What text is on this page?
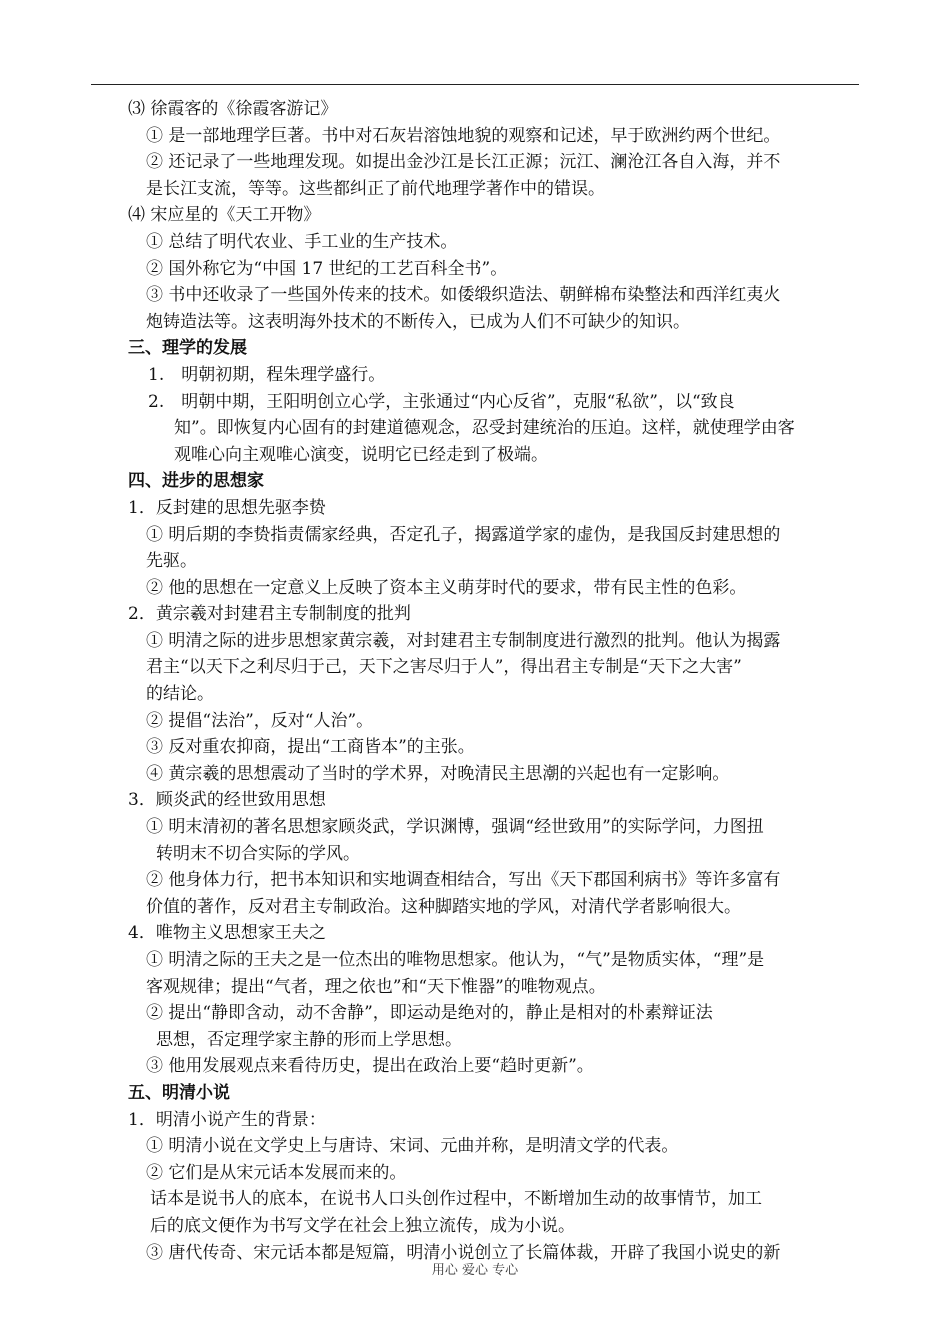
⑶ 徐霞客的《徐霞客游记》
① 是一部地理学巨著。书中对石灰岩溶蚀地貌的观察和记述，早于欧洲约两个世纪。
② 还记录了一些地理发现。如提出金沙江是长江正源；沅江、澜沧江各自入海，并不
是长江支流，等等。这些都纠正了前代地理学著作中的错误。
⑷ 宋应星的《天工开物》
① 总结了明代农业、手工业的生产技术。
② 国外称它为“中国 17 世纪的工艺百科全书”。
③ 书中还收录了一些国外传来的技术。如倭缎织造法、朝鲜棉布染整法和西洋红夷火
炮铸造法等。这表明海外技术的不断传入，已成为人们不可缺少的知识。
三、理学的发展
1.　明朝初期，程朱理学盛行。
2.　明朝中期，王阳明创立心学，主张通过“内心反省”，克服“私欲”，以“致良
知”。即恢复内心固有的封建道德观念，忍受封建统治的压迫。这样，就使理学由客
观唯心向主观唯心演变，说明它已经走到了极端。
四、进步的思想家
1．反封建的思想先驱李贽
① 明后期的李贽指责儒家经典，否定孔子，揭露道学家的虚伪，是我国反封建思想的
先驱。
② 他的思想在一定意义上反映了资本主义萌芽时代的要求，带有民主性的色彩。
2．黄宗羲对封建君主专制制度的批判
① 明清之际的进步思想家黄宗羲，对封建君主专制制度进行激烈的批判。他认为揭露
君主“以天下之利尽归于己，天下之害尽归于人”，得出君主专制是“天下之大害”
的结论。
② 提倡“法治”，反对“人治”。
③ 反对重农抑商，提出“工商皆本”的主张。
④ 黄宗羲的思想震动了当时的学术界，对晚清民主思潮的兴起也有一定影响。
3．顾炎武的经世致用思想
① 明末清初的著名思想家顾炎武，学识渊博，强调“经世致用”的实际学问，力图扭
转明末不切合实际的学风。
② 他身体力行，把书本知识和实地调查相结合，写出《天下郡国利病书》等许多富有
价值的著作，反对君主专制政治。这种脚踏实地的学风，对清代学者影响很大。
4．唯物主义思想家王夫之
① 明清之际的王夫之是一位杰出的唯物思想家。他认为，“气”是物质实体，“理”是
客观规律；提出“气者，理之依也”和“天下惟器”的唯物观点。
② 提出“静即含动，动不舍静”，即运动是绝对的，静止是相对的朴素辩证法
思想，否定理学家主静的形而上学思想。
③ 他用发展观点来看待历史，提出在政治上要“趋时更新”。
五、明清小说
1．明清小说产生的背景：
① 明清小说在文学史上与唐诗、宋词、元曲并称，是明清文学的代表。
② 它们是从宋元话本发展而来的。
话本是说书人的底本，在说书人口头创作过程中，不断增加生动的故事情节，加工
后的底文便作为书写文学在社会上独立流传，成为小说。
③ 唐代传奇、宋元话本都是短篇，明清小说创立了长篇体裁，开辟了我国小说史的新
用心 爱心 专心
